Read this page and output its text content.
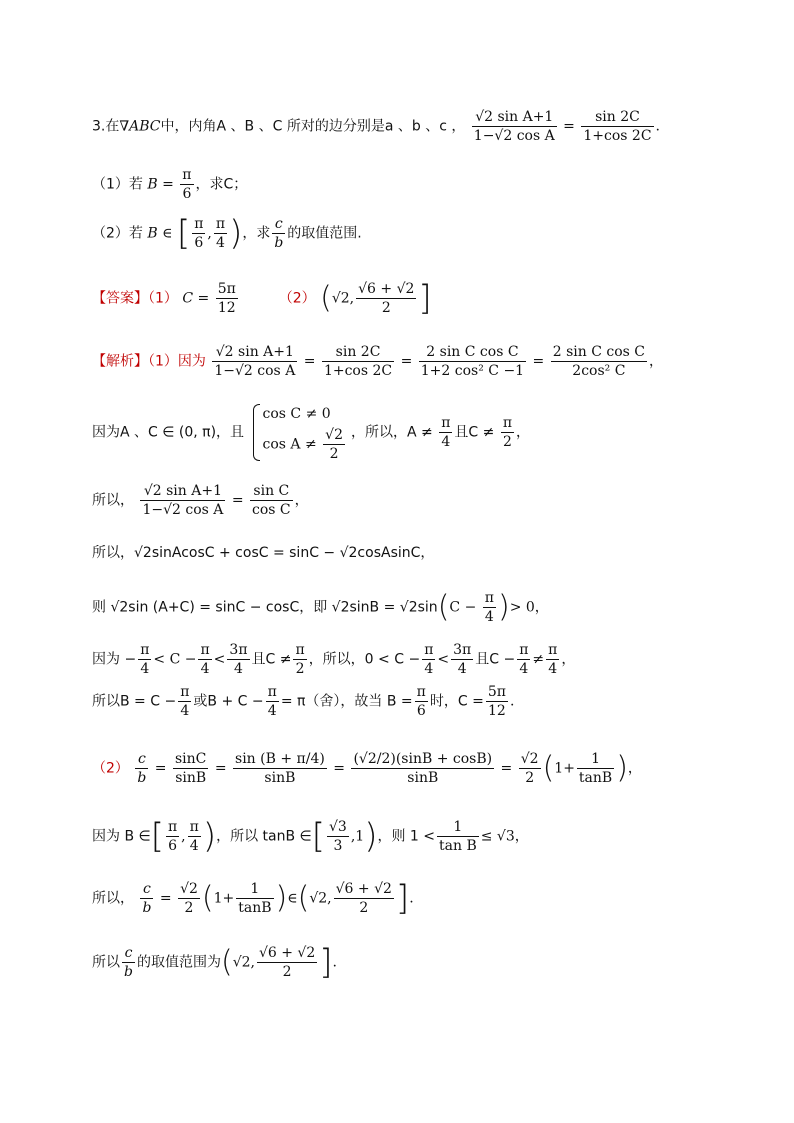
3.在∇ABC中，内角A 、B 、C 所对的边分别是a 、b 、c ， $\frac{\text{√2 sin A+1}}{\text{1−√2 cos A}} = \frac{\sin 2C}{1+\cos 2C}$ .
（1）若 $B = \frac{\pi}{6}$ ，求C；
（2）若 B ∈ [ $\frac{\pi}{6}$ , $\frac{\pi}{4}$ )，求 $\frac{c}{b}$ 的取值范围.
【答案】（1） $C = \frac{5\pi}{12}$	（2） (√2, $\frac{√6 + √2}{2}$ ]
【解析】（1）因为 $\frac{\text{√2 sin A+1}}{\text{1−√2 cos A}} = \frac{\sin 2C}{1+\cos 2C} = \frac{\text{2 sin C cos C}}{\text{1+2 cos² C −1}} = \frac{\text{2 sin C cos C}}{\text{2cos² C}}$ ，
因为A 、C ∈ (0, π)，且
cos C ≠ 0
$\cos A \ne \frac{√2}{2}$ ，所以，$A \ne \frac{\pi}{4}$ 且$C \ne \frac{\pi}{2}$ ，
所以， $\frac{\text{√2 sin A+1}}{\text{1−√2 cos A}} = \frac{\text{sin C}}{\text{cos C}}$ ，
所以，√2sinAcosC + cosC = sinC − √2cosAsinC，
则 √2sin (A+C) = sinC − cosC，即 $√2\sin B = √2\sin(C - \frac{\pi}{4}$ )> 0，
因为 − $\frac{\pi}{4} < C - \frac{\pi}{4} < \frac{3\pi}{4}$ 且$C \ne \frac{\pi}{2}$ ，所以，$0 < C - \frac{\pi}{4} < \frac{3\pi}{4}$ 且$C - \frac{\pi}{4} \ne \frac{\pi}{4}$ ，
所以$B = C - \frac{\pi}{4}$ 或$B + C - \frac{\pi}{4} = \pi$（舍），故当 $B = \frac{\pi}{6}$ 时，$C = \frac{5\pi}{12}$ .
$(2) \frac{c}{b} = \frac{\sin C}{\sin B} = \frac{\sin (B + \pi/4)}{\sin B} = \frac{(√2/2)(\sin B + \cos B)}{\sin B} = \frac{√2}{2} (1+ \frac{1}{\tan B}$ )，
因为 B ∈[ $\frac{\pi}{6}$ , $\frac{\pi}{4}$ )，所以 tanB ∈[ $\frac{√3}{3} ,1$)，则 $1 < \frac{1}{\text{tan B}} \le √3$，
所以， $\frac{c}{b} = \frac{√2}{2} (1+ \frac{1}{\tan B}$ )∈(√2, $\frac{√6 + √2}{2}$ ].
所以 $\frac{c}{b}$ 的取值范围为(√2, $\frac{√6 + √2}{2}$ ].
